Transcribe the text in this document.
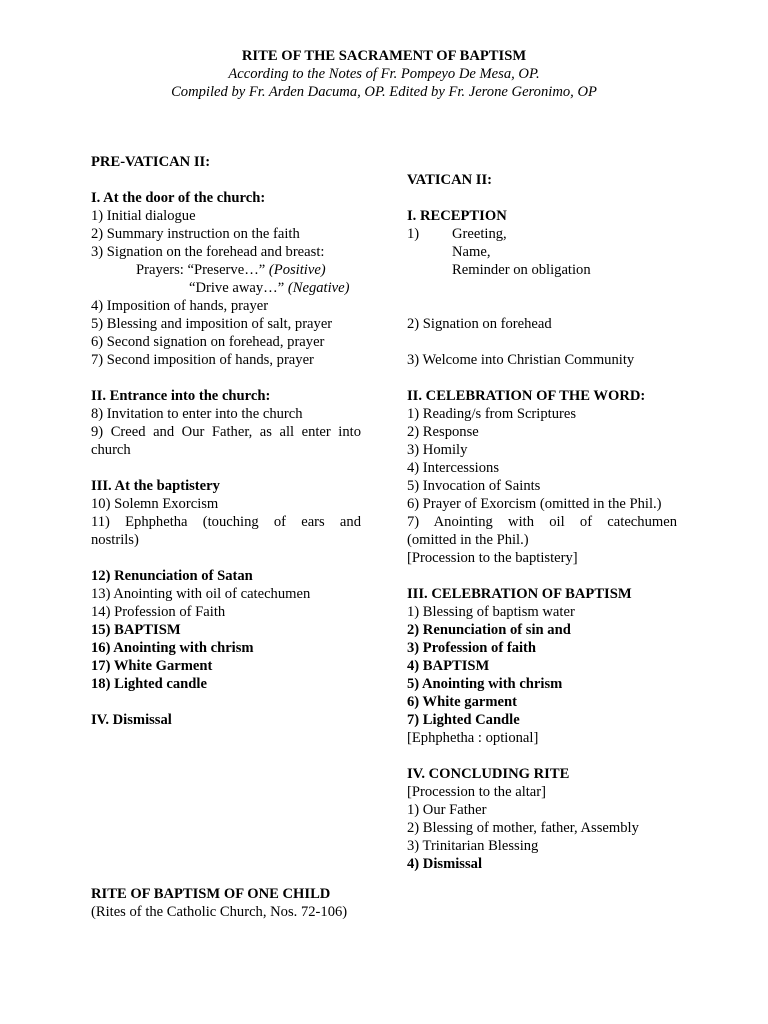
RITE OF THE SACRAMENT OF BAPTISM
According to the Notes of Fr. Pompeyo De Mesa, OP.
Compiled by Fr. Arden Dacuma, OP. Edited by Fr. Jerone Geronimo, OP
PRE-VATICAN II:
I. At the door of the church:
1) Initial dialogue
2) Summary instruction on the faith
3) Signation on the forehead and breast:
Prayers: “Preserve…” (Positive)
“Drive away…” (Negative)
4) Imposition of hands, prayer
5) Blessing and imposition of salt, prayer
6) Second signation on forehead, prayer
7) Second imposition of hands, prayer
II. Entrance into the church:
8) Invitation to enter into the church
9) Creed and Our Father, as all enter into
church
III. At the baptistery
10) Solemn Exorcism
11) Ephphetha (touching of ears and
nostrils)
12) Renunciation of Satan
13) Anointing with oil of catechumen
14) Profession of Faith
15) BAPTISM
16) Anointing with chrism
17) White Garment
18) Lighted candle
IV. Dismissal
VATICAN II:
I. RECEPTION
1) Greeting,
Name,
Reminder on obligation
2) Signation on forehead
3) Welcome into Christian Community
II. CELEBRATION OF THE WORD:
1) Reading/s from Scriptures
2) Response
3) Homily
4) Intercessions
5) Invocation of Saints
6) Prayer of Exorcism (omitted in the Phil.)
7) Anointing with oil of catechumen
(omitted in the Phil.)
[Procession to the baptistery]
III. CELEBRATION OF BAPTISM
1) Blessing of baptism water
2) Renunciation of sin and
3) Profession of faith
4) BAPTISM
5) Anointing with chrism
6) White garment
7) Lighted Candle
[Ephphetha : optional]
IV. CONCLUDING RITE
[Procession to the altar]
1) Our Father
2) Blessing of mother, father, Assembly
3) Trinitarian Blessing
4) Dismissal
RITE OF BAPTISM OF ONE CHILD
(Rites of the Catholic Church, Nos. 72-106)
